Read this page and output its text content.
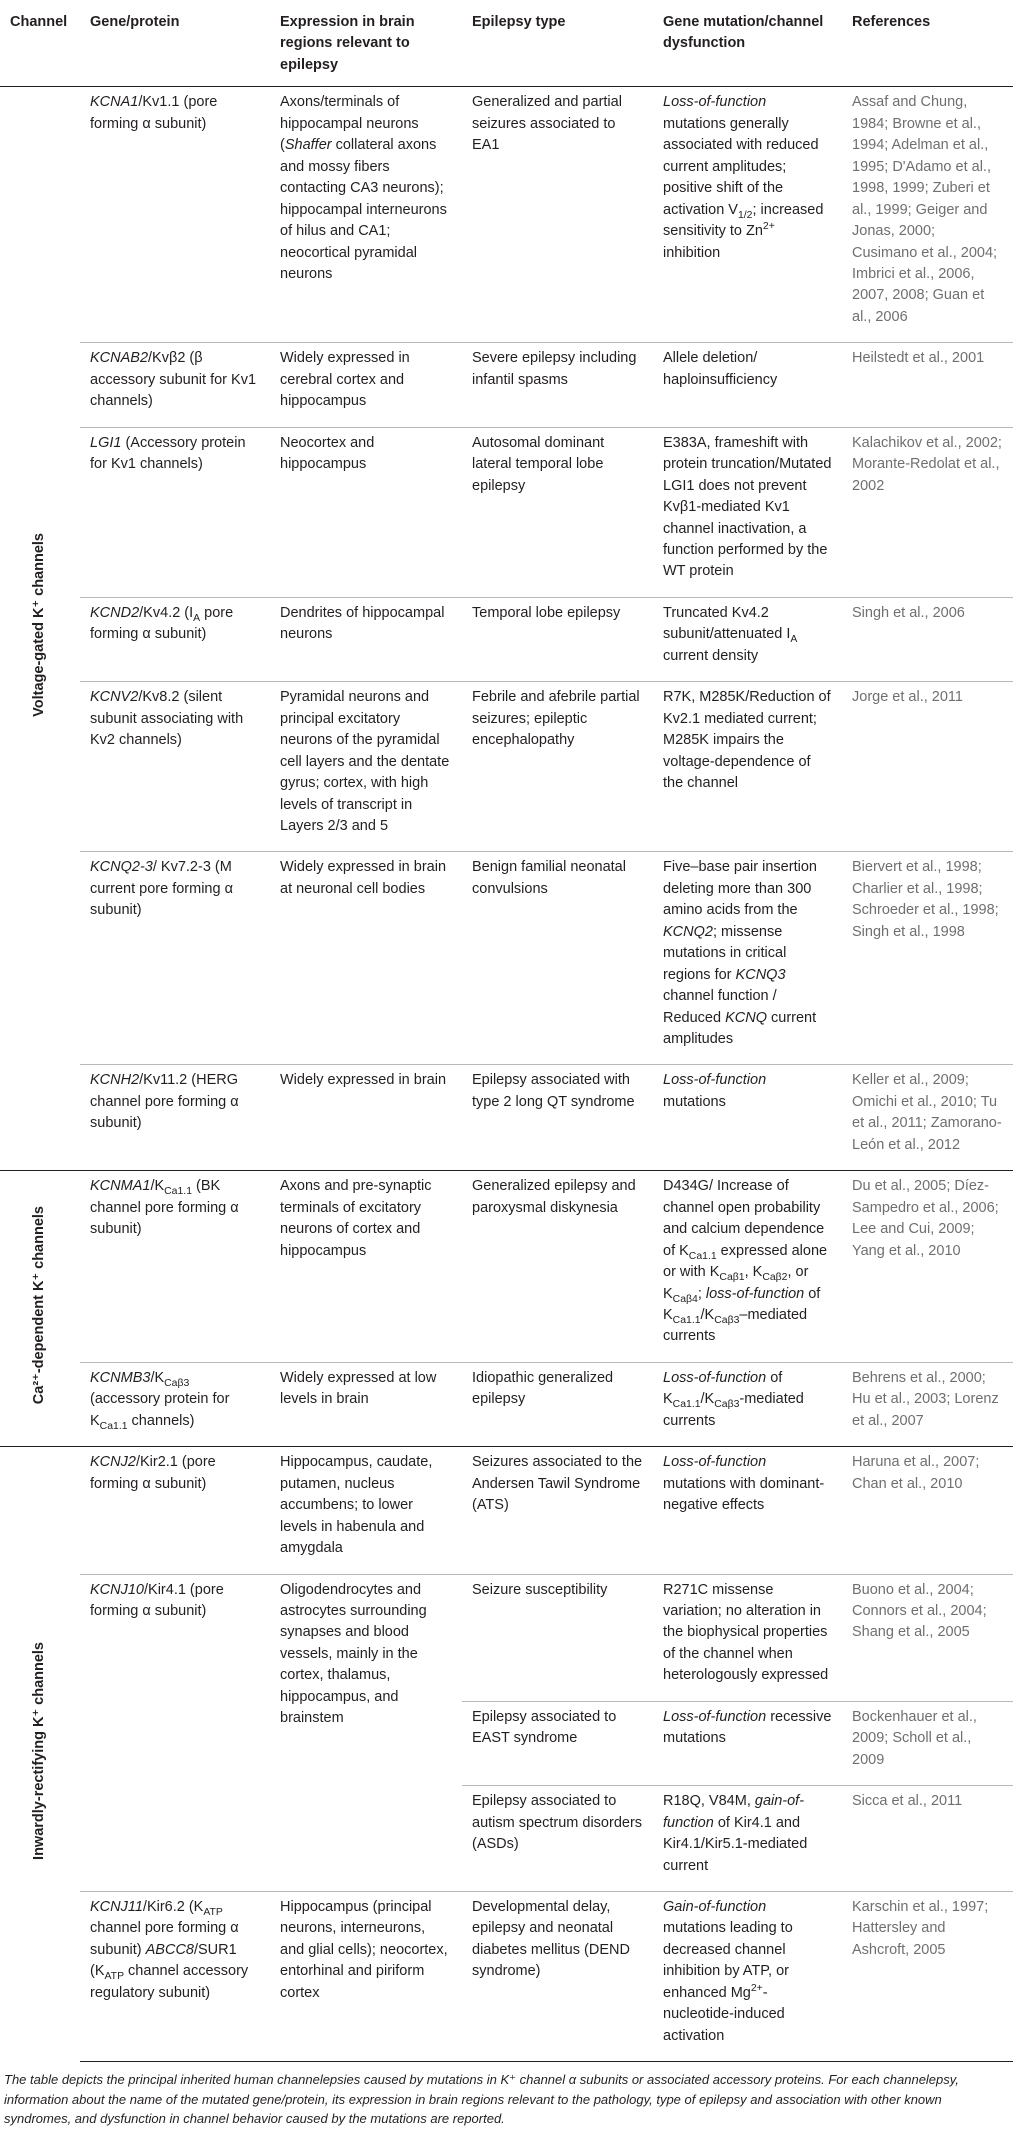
Channel	Gene/protein	Expression in brain regions relevant to epilepsy	Epilepsy type	Gene mutation/channel dysfunction	References
Voltage-gated K⁺ channels	KCNA1/Kv1.1 (pore forming α subunit)	Axons/terminals of hippocampal neurons (Shaffer collateral axons and mossy fibers contacting CA3 neurons); hippocampal interneurons of hilus and CA1; neocortical pyramidal neurons	Generalized and partial seizures associated to EA1	Loss-of-function mutations generally associated with reduced current amplitudes; positive shift of the activation $V_{1/2}$; increased sensitivity to $Zn^{2+}$ inhibition	Assaf and Chung, 1984; Browne et al., 1994; Adelman et al., 1995; D'Adamo et al., 1998, 1999; Zuberi et al., 1999; Geiger and Jonas, 2000; Cusimano et al., 2004; Imbrici et al., 2006, 2007, 2008; Guan et al., 2006
	KCNAB2/Kvβ2 (β accessory subunit for Kv1 channels)	Widely expressed in cerebral cortex and hippocampus	Severe epilepsy including infantil spasms	Allele deletion/ haploinsufficiency	Heilstedt et al., 2001
	LGI1 (Accessory protein for Kv1 channels)	Neocortex and hippocampus	Autosomal dominant lateral temporal lobe epilepsy	E383A, frameshift with protein truncation/Mutated LGI1 does not prevent Kvβ1-mediated Kv1 channel inactivation, a function performed by the WT protein	Kalachikov et al., 2002; Morante-Redolat et al., 2002
	KCND2/Kv4.2 ($I_A$ pore forming α subunit)	Dendrites of hippocampal neurons	Temporal lobe epilepsy	Truncated Kv4.2 subunit/attenuated $I_A$ current density	Singh et al., 2006
	KCNV2/Kv8.2 (silent subunit associating with Kv2 channels)	Pyramidal neurons and principal excitatory neurons of the pyramidal cell layers and the dentate gyrus; cortex, with high levels of transcript in Layers 2/3 and 5	Febrile and afebrile partial seizures; epileptic encephalopathy	R7K, M285K/Reduction of Kv2.1 mediated current; M285K impairs the voltage-dependence of the channel	Jorge et al., 2011
	KCNQ2-3/ Kv7.2-3 (M current pore forming α subunit)	Widely expressed in brain at neuronal cell bodies	Benign familial neonatal convulsions	Five–base pair insertion deleting more than 300 amino acids from the KCNQ2; missense mutations in critical regions for KCNQ3 channel function / Reduced KCNQ current amplitudes	Biervert et al., 1998; Charlier et al., 1998; Schroeder et al., 1998; Singh et al., 1998
	KCNH2/Kv11.2 (HERG channel pore forming α subunit)	Widely expressed in brain	Epilepsy associated with type 2 long QT syndrome	Loss-of-function mutations	Keller et al., 2009; Omichi et al., 2010; Tu et al., 2011; Zamorano-León et al., 2012
Ca²⁺-dependent K⁺ channels	$KCNMA1/K_{Ca1.1}$ (BK channel pore forming α subunit)	Axons and pre-synaptic terminals of excitatory neurons of cortex and hippocampus	Generalized epilepsy and paroxysmal diskynesia	D434G/ Increase of channel open probability and calcium dependence of $K_{Ca1.1}$ expressed alone or with $K_{Ca\beta 1}$, $K_{Ca\beta 2}$, or $K_{Ca\beta 4}$; loss-of-function of $K_{Ca1.1}/K_{Ca\beta 3}$–mediated currents	Du et al., 2005; Díez-Sampedro et al., 2006; Lee and Cui, 2009; Yang et al., 2010
	$KCNMB3/K_{Ca\beta 3}$ (accessory protein for $K_{Ca1.1}$ channels)	Widely expressed at low levels in brain	Idiopathic generalized epilepsy	Loss-of-function of $K_{Ca1.1}/K_{Ca\beta 3}$-mediated currents	Behrens et al., 2000; Hu et al., 2003; Lorenz et al., 2007
Inwardly-rectifying K⁺ channels	KCNJ2/Kir2.1 (pore forming α subunit)	Hippocampus, caudate, putamen, nucleus accumbens; to lower levels in habenula and amygdala	Seizures associated to the Andersen Tawil Syndrome (ATS)	Loss-of-function mutations with dominant-negative effects	Haruna et al., 2007; Chan et al., 2010
	KCNJ10/Kir4.1 (pore forming α subunit)	Oligodendrocytes and astrocytes surrounding synapses and blood vessels, mainly in the cortex, thalamus, hippocampus, and brainstem	Seizure susceptibility	R271C missense variation; no alteration in the biophysical properties of the channel when heterologously expressed	Buono et al., 2004; Connors et al., 2004; Shang et al., 2005
			Epilepsy associated to EAST syndrome	Loss-of-function recessive mutations	Bockenhauer et al., 2009; Scholl et al., 2009
			Epilepsy associated to autism spectrum disorders (ASDs)	R18Q, V84M, gain-of-function of Kir4.1 and Kir4.1/Kir5.1-mediated current	Sicca et al., 2011
	KCNJ11/Kir6.2 ($K_{ATP}$ channel pore forming α subunit) ABCC8/SUR1 ($K_{ATP}$ channel accessory regulatory subunit)	Hippocampus (principal neurons, interneurons, and glial cells); neocortex, entorhinal and piriform cortex	Developmental delay, epilepsy and neonatal diabetes mellitus (DEND syndrome)	Gain-of-function mutations leading to decreased channel inhibition by ATP, or enhanced $Mg^{2+}-nucleotide$-induced activation	Karschin et al., 1997; Hattersley and Ashcroft, 2005
The table depicts the principal inherited human channelepsies caused by mutations in K⁺ channel α subunits or associated accessory proteins. For each channelepsy, information about the name of the mutated gene/protein, its expression in brain regions relevant to the pathology, type of epilepsy and association with other known syndromes, and dysfunction in channel behavior caused by the mutations are reported.
